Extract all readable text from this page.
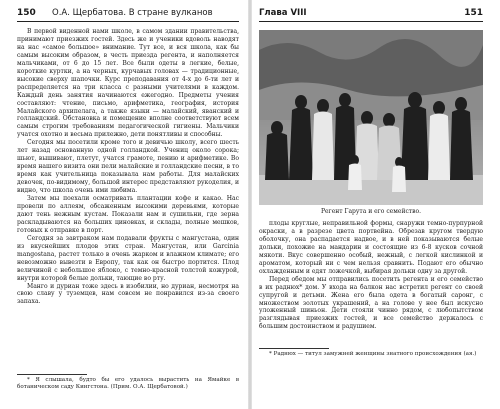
150 О.А. Щербатова. В стране вулканов

В первой виденной нами школе, в самом здании правительства, принимают приезжих гостей. Здесь же и ученики вдоволь наводят на нас «самое большое» внимание. Тут все, и вся школа, как бы самым высоким образом, в честь приезда регента, и наполняется мальчиками, от 6 до 15 лет. Все были одеты в легкие, белые, короткие куртки, а на черных, курчавых головах — традиционные, высокие сверху шапочки. Курс преподавания от 4-х до 6-ти лет и распределяется на три класса с разными учителями в каждом. Каждый день занятия начинаются ежегодно. Предметы учения составляют: чтение, письмо, арифметика, география, история Малайского архипелага, а также языки — малайский, яванский и голландский. Обстановка и помещение вполне соответствуют всем самым строгим требованиям педагогической гигиены. Мальчики учатся охотно и весьма прилежно, дети понятливы и способны.

Сегодня мы посетили кроме того и девичью школу, всего шесть лет назад основанную одной голландкой. Учениц около сорока; шьют, вышивают, плетут, учатся грамоте, пению и арифметике. Во время нашего визита они пели малайские и голландские песни, в то время как учительница показывала нам работы. Для малайских девочек, по-видимому, большой интерес представляют рукоделия, и видно, что школа очень ими любима.

Затем мы поехали осматривать плантации кофе и какао. Нас провели по аллеям, обсаженным высокими деревьями, которые дают тень нежным кустам. Показали нам и сушильни, где зерна раскладываются на больших циновках, и склады, полные мешков, готовых к отправке в порт.

Сегодня за завтраком нам подавали фрукты с мангустана, один из вкуснейших плодов этих стран. Мангустан, или Garcinia mangostana, растет только в очень жарком и влажном климате; его невозможно вывезти в Европу, так как он быстро портится. Плод величиной с небольшое яблоко, с темно-красной толстой кожурой, внутри которой белые дольки, тающие во рту.

Манго и дуриан тоже здесь в изобилии, но дуриан, несмотря на свою славу у туземцев, нам совсем не понравился из-за своего запаха.

* Я слышала, будто бы его удалось вырастить на Ямайке в ботаническом саду Кингстона. (Прим. О.А. Щербатовой.)
Глава VIII	151
Регент Гарута и его семейство.

плоды круглые, неправильной формы, снаружи темно-пурпурной окраски, а в разрезе цвета портвейна. Обрезав кругом твердую оболочку, она распадается надвое, и в ней показываются белые дольки, похожие на мандарин и состоящие из 6-8 кусков сочной мякоти. Вкус совершенно особый, нежный, с легкой кислинкой и ароматом, который ни с чем нельзя сравнить. Подают его обычно охлажденным и едят ложечкой, выбирая дольки одну за другой.

Перед обедом мы отправились посетить регента и его семейство в их раднюх* дом. У входа на балкон нас встретил регент со своей супругой и детьми. Жена его была одета в богатый саронг, с множеством золотых украшений, а на голове у нее был искусно уложенный шиньон. Дети стояли чинно рядом, с любопытством разглядывая приезжих гостей, и все семейство держалось с большим достоинством и радушием.

* Раднюх — титул замужней женщины знатного происхождения (ая.)
